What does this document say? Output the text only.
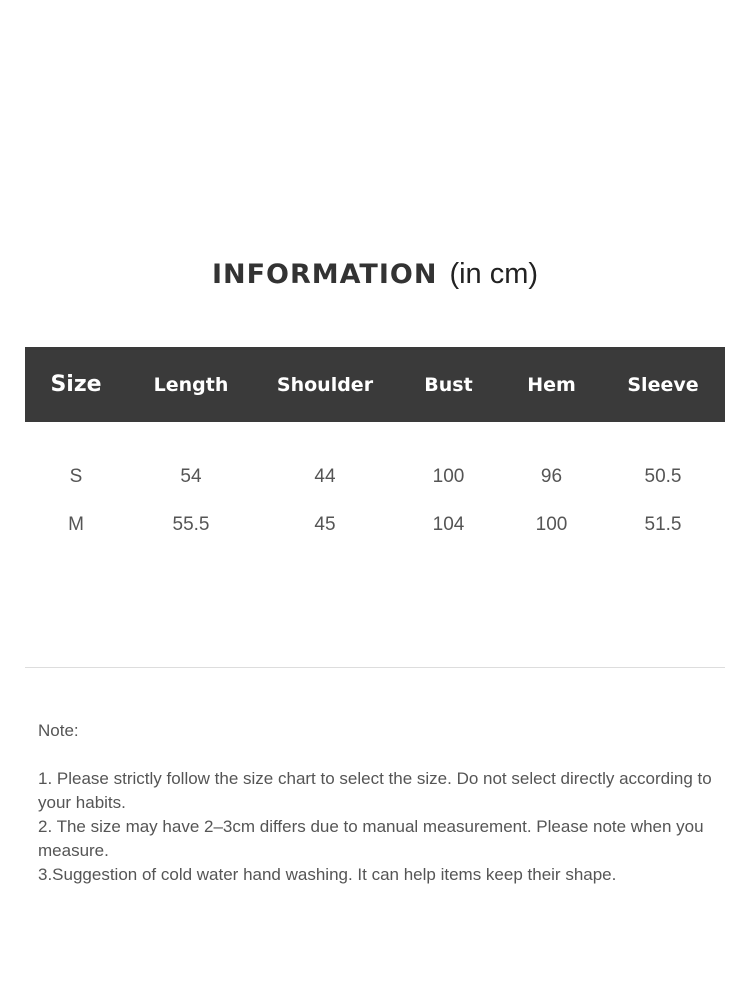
INFORMATION (in cm)
Size	Length	Shoulder	Bust	Hem	Sleeve
S	54	44	100	96	50.5
M	55.5	45	104	100	51.5

Note:

1. Please strictly follow the size chart to select the size. Do not select directly according to your habits.

2. The size may have 2–3cm differs due to manual measurement. Please note when you measure.

3.Suggestion of cold water hand washing. It can help items keep their shape.
